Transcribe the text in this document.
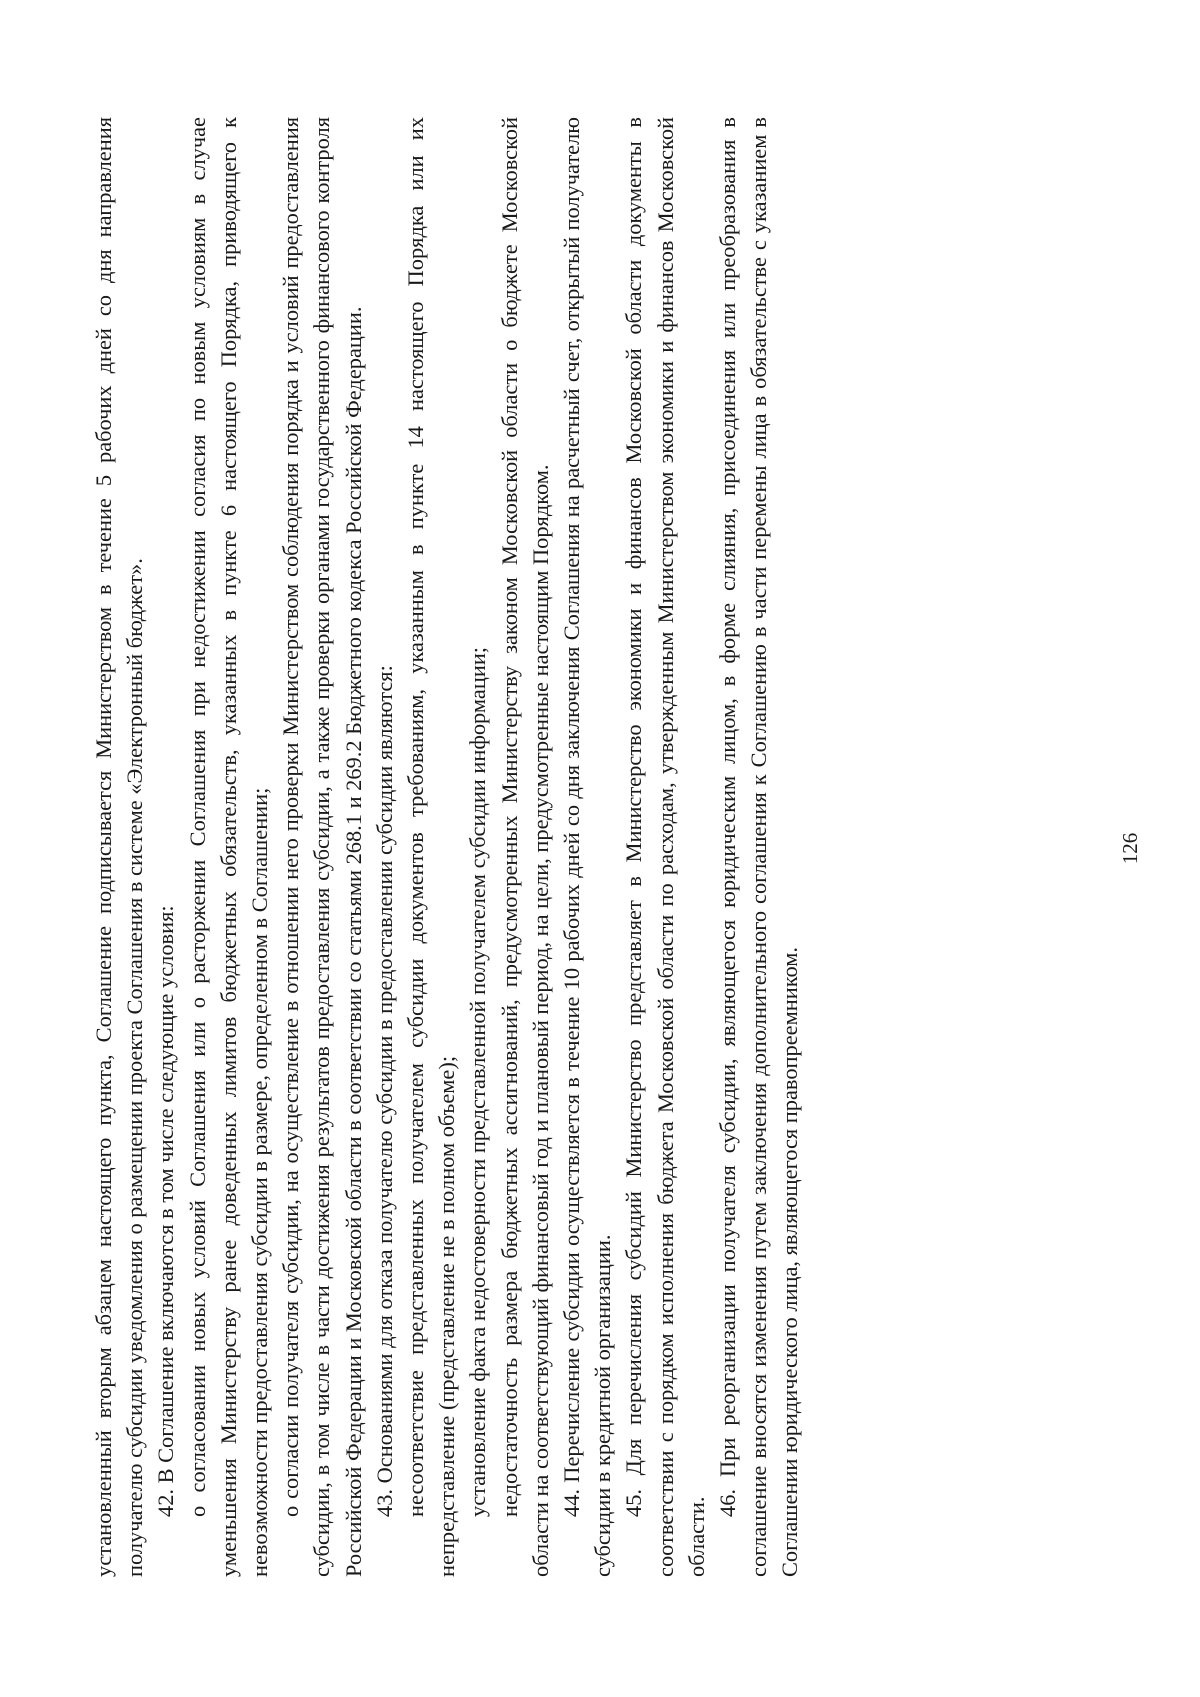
126

установленный вторым абзацем настоящего пункта, Соглашение подписывается Министерством в течение 5 рабочих дней со дня направления получателю субсидии уведомления о размещении проекта Соглашения в системе «Электронный бюджет». 42. В Соглашение включаются в том числе следующие условия: о согласовании новых условий Соглашения или о расторжении Соглашения при недостижении согласия по новым условиям в случае уменьшения Министерству ранее доведенных лимитов бюджетных обязательств, указанных в пункте 6 настоящего Порядка, приводящего к невозможности предоставления субсидии в размере, определенном в Соглашении; о согласии получателя субсидии, на осуществление в отношении него проверки Министерством соблюдения порядка и условий предоставления субсидии, в том числе в части достижения результатов предоставления субсидии, а также проверки органами государственного финансового контроля Российской Федерации и Московской области в соответствии со статьями 268.1 и 269.2 Бюджетного кодекса Российской Федерации. 43. Основаниями для отказа получателю субсидии в предоставлении субсидии являются: несоответствие представленных получателем субсидии документов требованиям, указанным в пункте 14 настоящего Порядка или их непредставление (представление не в полном объеме); установление факта недостоверности представленной получателем субсидии информации; недостаточность размера бюджетных ассигнований, предусмотренных Министерству законом Московской области о бюджете Московской области на соответствующий финансовый год и плановый период, на цели, предусмотренные настоящим Порядком. 44. Перечисление субсидии осуществляется в течение 10 рабочих дней со дня заключения Соглашения на расчетный счет, открытый получателю субсидии в кредитной организации. 45. Для перечисления субсидий Министерство представляет в Министерство экономики и финансов Московской области документы в соответствии с порядком исполнения бюджета Московской области по расходам, утвержденным Министерством экономики и финансов Московской области.

46. При реорганизации получателя субсидии, являющегося юридическим лицом, в форме слияния, присоединения или преобразования в соглашение вносятся изменения путем заключения дополнительного соглашения к Соглашению в части перемены лица в обязательстве с указанием в Соглашении юридического лица, являющегося правопреемником.
